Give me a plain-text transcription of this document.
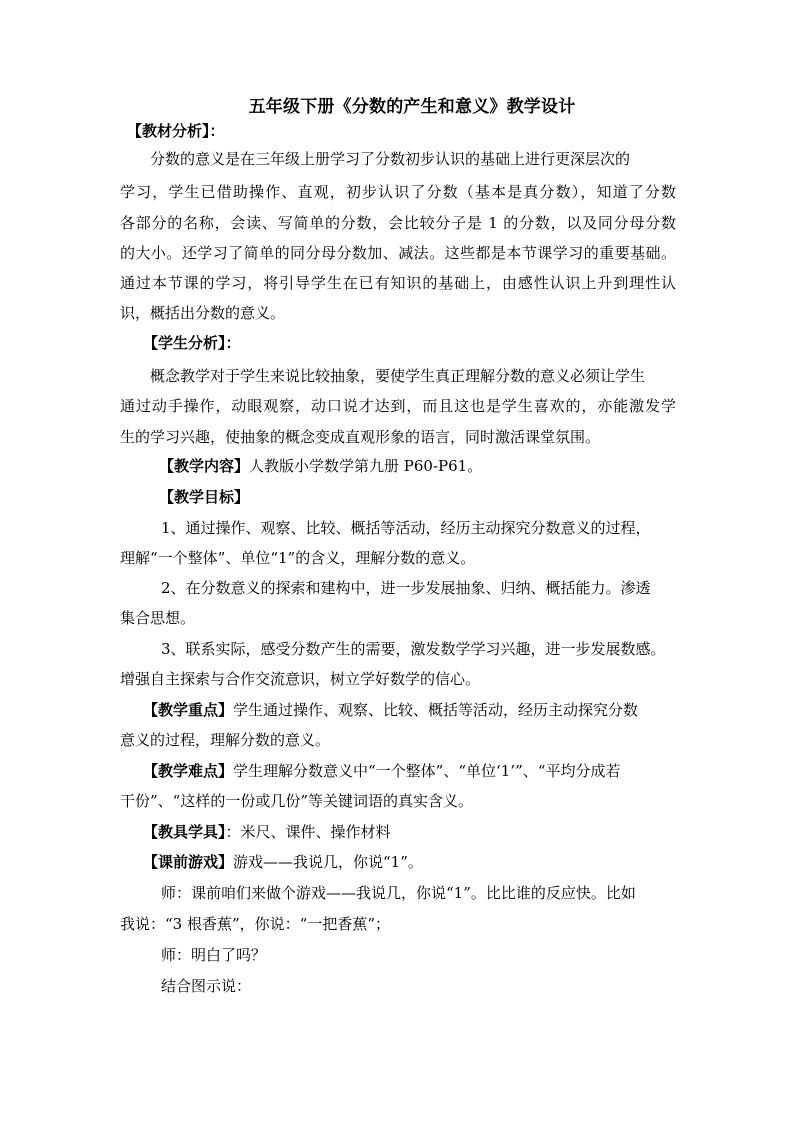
五年级下册《分数的产生和意义》教学设计
【教材分析】：
分数的意义是在三年级上册学习了分数初步认识的基础上进行更深层次的
学习，学生已借助操作、直观，初步认识了分数（基本是真分数），知道了分数
各部分的名称，会读、写简单的分数，会比较分子是 1 的分数，以及同分母分数
的大小。还学习了简单的同分母分数加、减法。这些都是本节课学习的重要基础。
通过本节课的学习，将引导学生在已有知识的基础上，由感性认识上升到理性认
识，概括出分数的意义。
【学生分析】：
概念教学对于学生来说比较抽象，要使学生真正理解分数的意义必须让学生
通过动手操作，动眼观察，动口说才达到，而且这也是学生喜欢的，亦能激发学
生的学习兴趣，使抽象的概念变成直观形象的语言，同时激活课堂氛围。
【教学内容】人教版小学数学第九册 P60-P61。
【教学目标】
1、通过操作、观察、比较、概括等活动，经历主动探究分数意义的过程，
理解“一个整体”、单位“1”的含义，理解分数的意义。
2、在分数意义的探索和建构中，进一步发展抽象、归纳、概括能力。渗透
集合思想。
3、联系实际，感受分数产生的需要，激发数学学习兴趣，进一步发展数感。
增强自主探索与合作交流意识，树立学好数学的信心。
【教学重点】学生通过操作、观察、比较、概括等活动，经历主动探究分数
意义的过程，理解分数的意义。
【教学难点】学生理解分数意义中“一个整体”、“单位‘1’”、“平均分成若
干份”、“这样的一份或几份”等关键词语的真实含义。
【教具学具】：米尺、课件、操作材料
【课前游戏】游戏——我说几，你说“1”。
师：课前咱们来做个游戏——我说几，你说“1”。比比谁的反应快。比如
我说：“3 根香蕉”，你说：“一把香蕉”；
师：明白了吗？
结合图示说：
